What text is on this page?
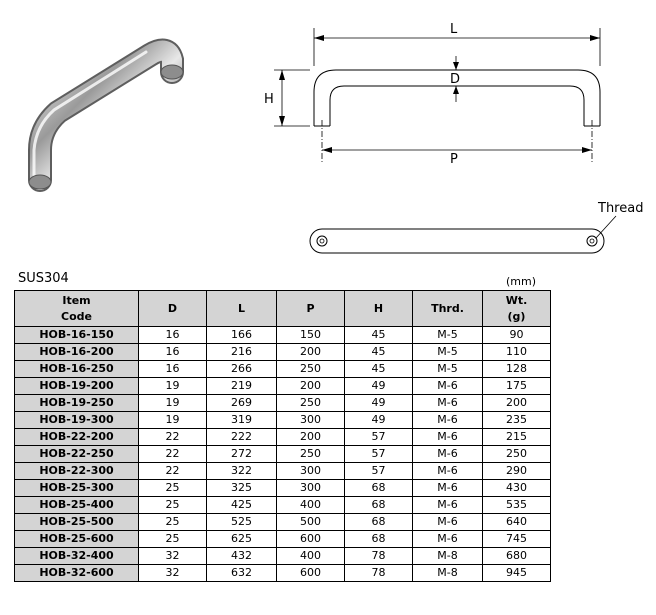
L
D
H
P
Thread
SUS304	(mm)
Item
Code	D	L	P	H	Thrd.	Wt.
(g)
HOB-16-150	16	166	150	45	M-5	90
HOB-16-200	16	216	200	45	M-5	110
HOB-16-250	16	266	250	45	M-5	128
HOB-19-200	19	219	200	49	M-6	175
HOB-19-250	19	269	250	49	M-6	200
HOB-19-300	19	319	300	49	M-6	235
HOB-22-200	22	222	200	57	M-6	215
HOB-22-250	22	272	250	57	M-6	250
HOB-22-300	22	322	300	57	M-6	290
HOB-25-300	25	325	300	68	M-6	430
HOB-25-400	25	425	400	68	M-6	535
HOB-25-500	25	525	500	68	M-6	640
HOB-25-600	25	625	600	68	M-6	745
HOB-32-400	32	432	400	78	M-8	680
HOB-32-600	32	632	600	78	M-8	945
